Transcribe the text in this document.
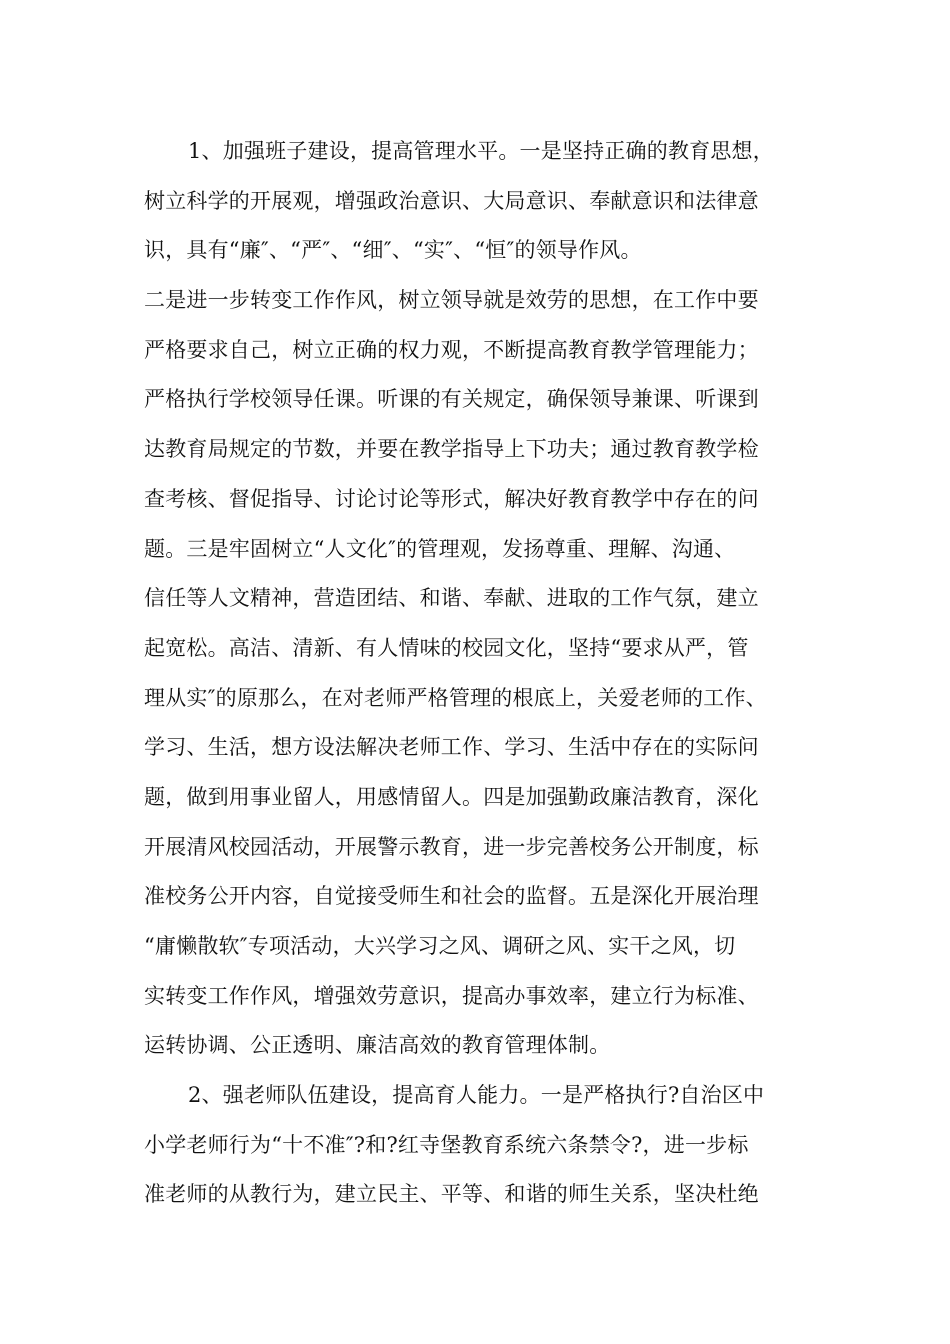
1、加强班子建设，提高管理水平。一是坚持正确的教育思想，
树立科学的开展观，增强政治意识、大局意识、奉献意识和法律意
识，具有“廉″、“严″、“细″、“实″、“恒″的领导作风。
二是进一步转变工作作风，树立领导就是效劳的思想，在工作中要
严格要求自己，树立正确的权力观，不断提高教育教学管理能力；
严格执行学校领导任课。听课的有关规定，确保领导兼课、听课到
达教育局规定的节数，并要在教学指导上下功夫；通过教育教学检
查考核、督促指导、讨论讨论等形式，解决好教育教学中存在的问
题。三是牢固树立“人文化″的管理观，发扬尊重、理解、沟通、
信任等人文精神，营造团结、和谐、奉献、进取的工作气氛，建立
起宽松。高洁、清新、有人情味的校园文化，坚持“要求从严，管
理从实″的原那么，在对老师严格管理的根底上，关爱老师的工作、
学习、生活，想方设法解决老师工作、学习、生活中存在的实际问
题，做到用事业留人，用感情留人。四是加强勤政廉洁教育，深化
开展清风校园活动，开展警示教育，进一步完善校务公开制度，标
准校务公开内容，自觉接受师生和社会的监督。五是深化开展治理
“庸懒散软″专项活动，大兴学习之风、调研之风、实干之风，切
实转变工作作风，增强效劳意识，提高办事效率，建立行为标准、
运转协调、公正透明、廉洁高效的教育管理体制。
2、强老师队伍建设，提高育人能力。一是严格执行?自治区中
小学老师行为“十不准″?和?红寺堡教育系统六条禁令?，进一步标
准老师的从教行为，建立民主、平等、和谐的师生关系，坚决杜绝
